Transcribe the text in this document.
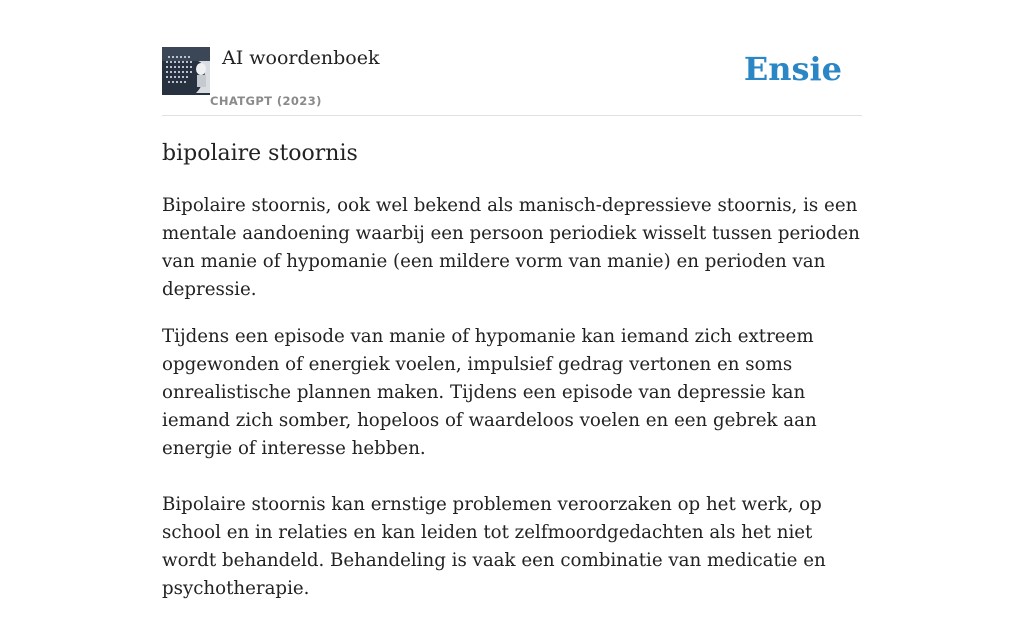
AI woordenboek
CHATGPT (2023)
Ensie
bipolaire stoornis

Bipolaire stoornis, ook wel bekend als manisch-depressieve stoornis, is een mentale aandoening waarbij een persoon periodiek wisselt tussen perioden van manie of hypomanie (een mildere vorm van manie) en perioden van depressie.

Tijdens een episode van manie of hypomanie kan iemand zich extreem opgewonden of energiek voelen, impulsief gedrag vertonen en soms onrealistische plannen maken. Tijdens een episode van depressie kan iemand zich somber, hopeloos of waardeloos voelen en een gebrek aan energie of interesse hebben.

Bipolaire stoornis kan ernstige problemen veroorzaken op het werk, op school en in relaties en kan leiden tot zelfmoordgedachten als het niet wordt behandeld. Behandeling is vaak een combinatie van medicatie en psychotherapie.
